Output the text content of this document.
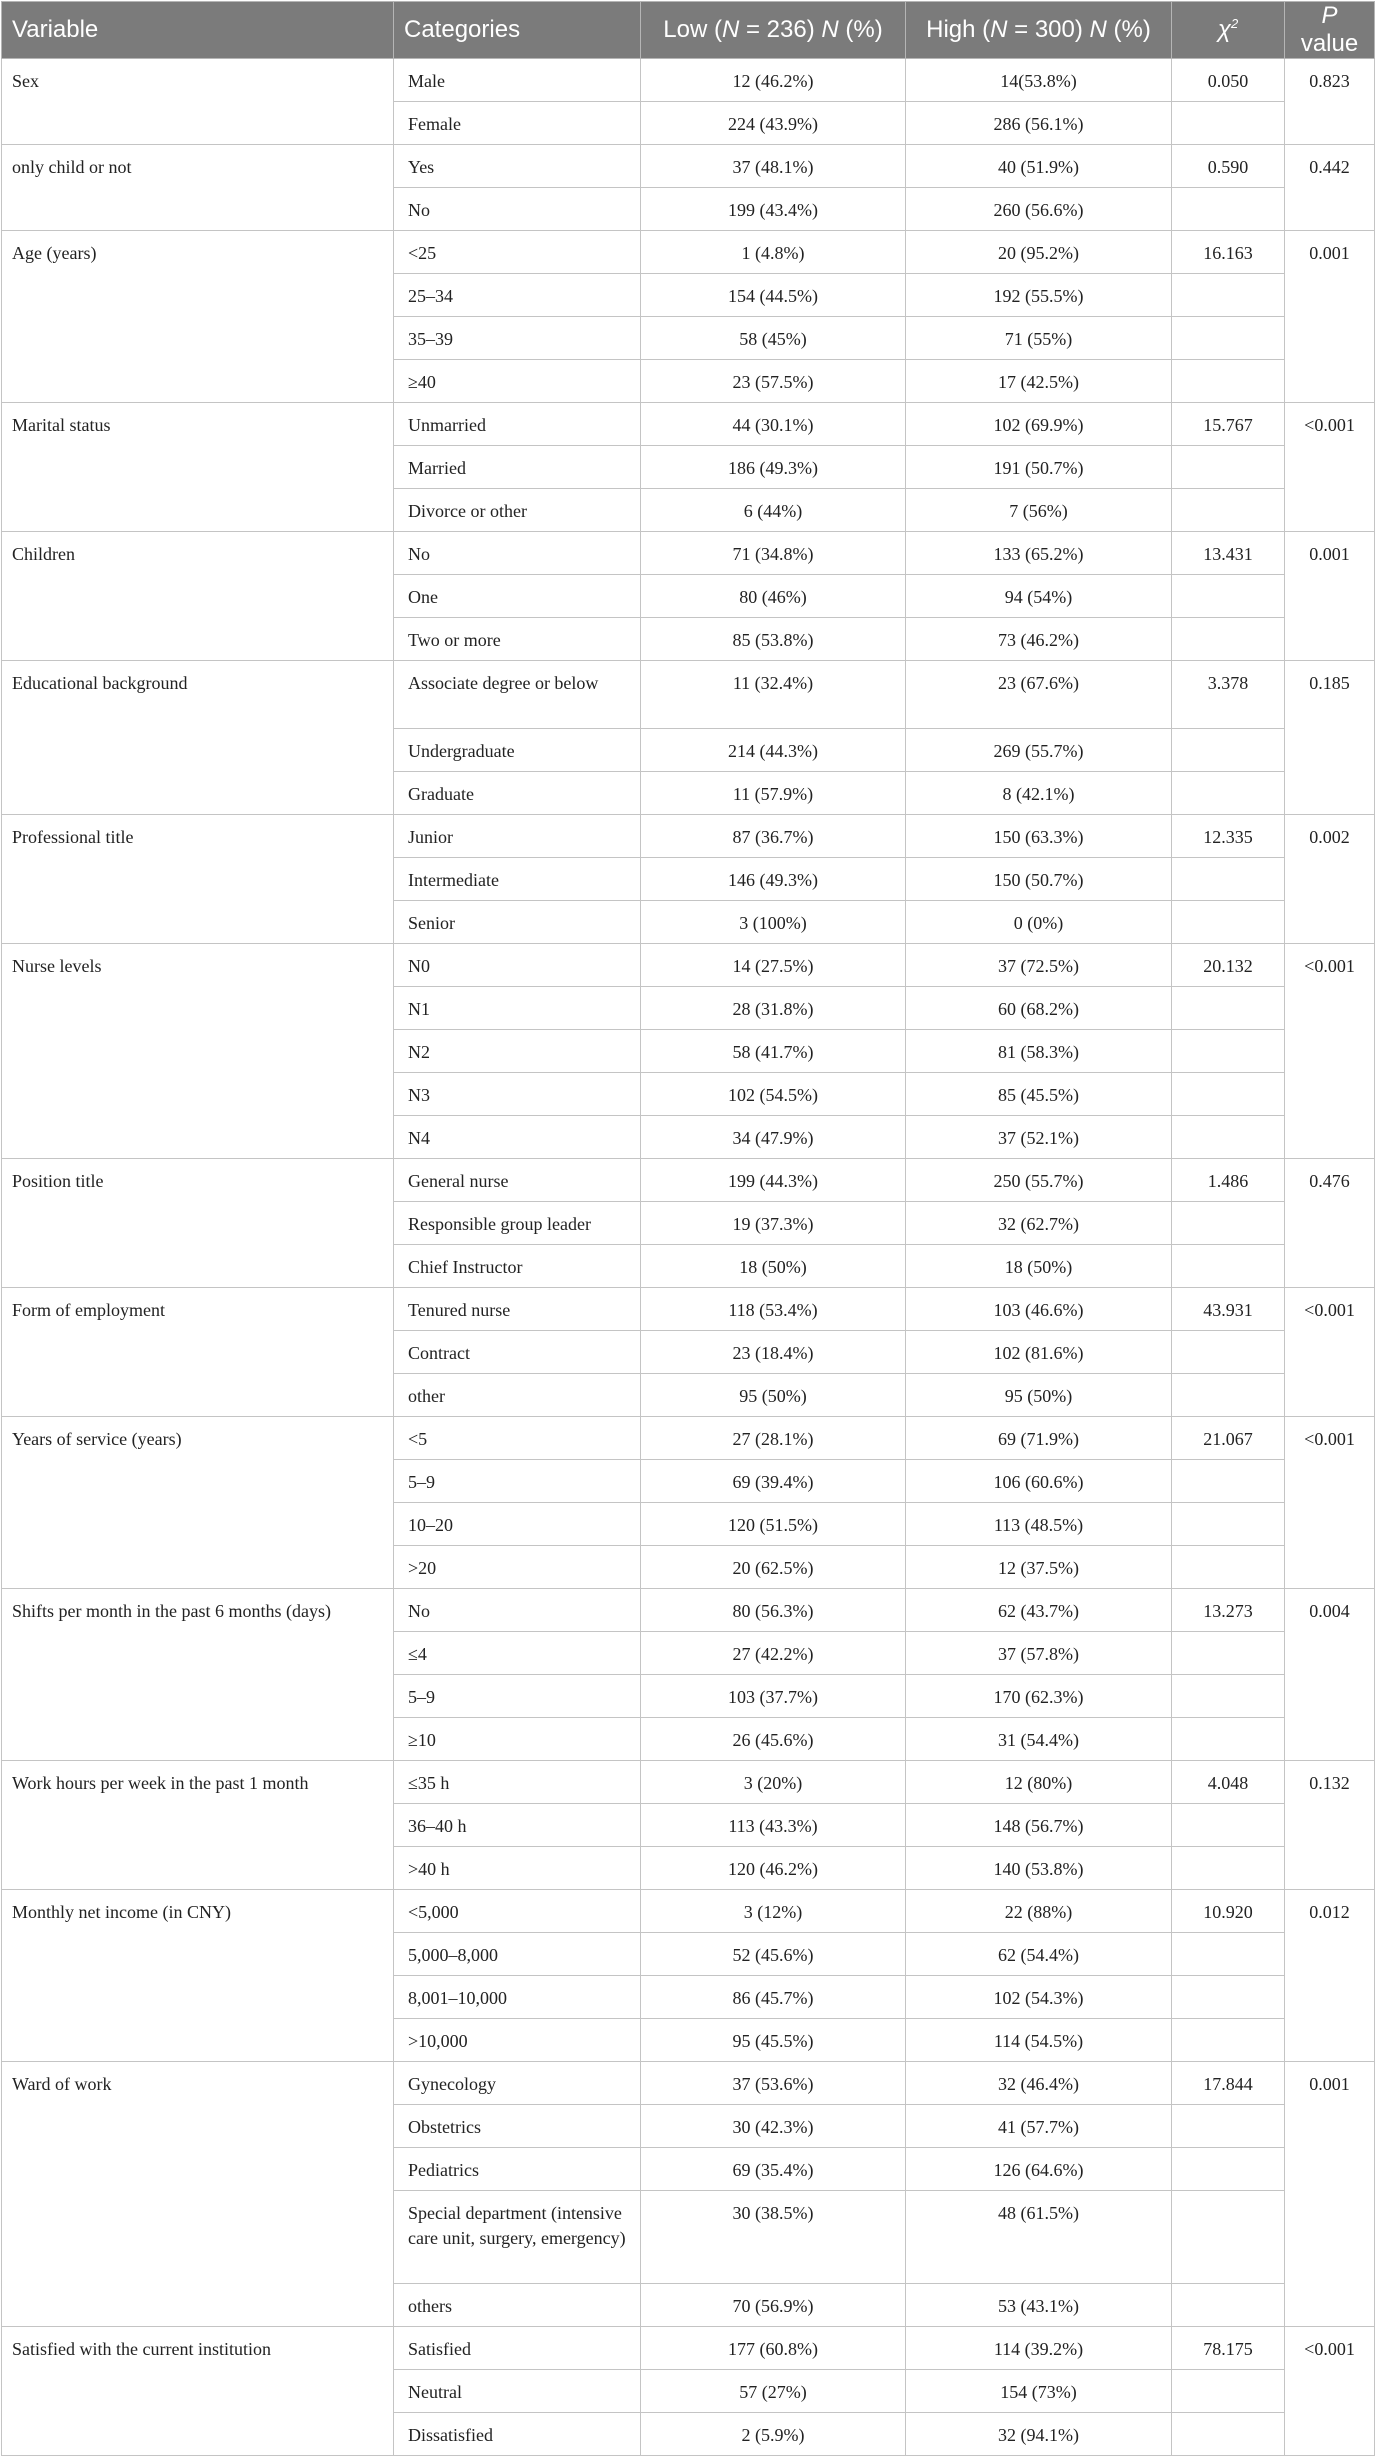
Variable	Categories	Low (N = 236) N (%)	High (N = 300) N (%)	$\chi^2$	P value
Sex	Male	12 (46.2%)	14(53.8%)	0.050	0.823
	Female	224 (43.9%)	286 (56.1%)		
only child or not	Yes	37 (48.1%)	40 (51.9%)	0.590	0.442
	No	199 (43.4%)	260 (56.6%)		
Age (years)	<25	1 (4.8%)	20 (95.2%)	16.163	0.001
	25–34	154 (44.5%)	192 (55.5%)		
	35–39	58 (45%)	71 (55%)		
	≥40	23 (57.5%)	17 (42.5%)		
Marital status	Unmarried	44 (30.1%)	102 (69.9%)	15.767	<0.001
	Married	186 (49.3%)	191 (50.7%)		
	Divorce or other	6 (44%)	7 (56%)		
Children	No	71 (34.8%)	133 (65.2%)	13.431	0.001
	One	80 (46%)	94 (54%)		
	Two or more	85 (53.8%)	73 (46.2%)		
Educational background	Associate degree or below	11 (32.4%)	23 (67.6%)	3.378	0.185
	Undergraduate	214 (44.3%)	269 (55.7%)		
	Graduate	11 (57.9%)	8 (42.1%)		
Professional title	Junior	87 (36.7%)	150 (63.3%)	12.335	0.002
	Intermediate	146 (49.3%)	150 (50.7%)		
	Senior	3 (100%)	0 (0%)		
Nurse levels	N0	14 (27.5%)	37 (72.5%)	20.132	<0.001
	N1	28 (31.8%)	60 (68.2%)		
	N2	58 (41.7%)	81 (58.3%)		
	N3	102 (54.5%)	85 (45.5%)		
	N4	34 (47.9%)	37 (52.1%)		
Position title	General nurse	199 (44.3%)	250 (55.7%)	1.486	0.476
	Responsible group leader	19 (37.3%)	32 (62.7%)		
	Chief Instructor	18 (50%)	18 (50%)		
Form of employment	Tenured nurse	118 (53.4%)	103 (46.6%)	43.931	<0.001
	Contract	23 (18.4%)	102 (81.6%)		
	other	95 (50%)	95 (50%)		
Years of service (years)	<5	27 (28.1%)	69 (71.9%)	21.067	<0.001
	5–9	69 (39.4%)	106 (60.6%)		
	10–20	120 (51.5%)	113 (48.5%)		
	>20	20 (62.5%)	12 (37.5%)		
Shifts per month in the past 6 months (days)	No	80 (56.3%)	62 (43.7%)	13.273	0.004
	≤4	27 (42.2%)	37 (57.8%)		
	5–9	103 (37.7%)	170 (62.3%)		
	≥10	26 (45.6%)	31 (54.4%)		
Work hours per week in the past 1 month	≤35 h	3 (20%)	12 (80%)	4.048	0.132
	36–40 h	113 (43.3%)	148 (56.7%)		
	>40 h	120 (46.2%)	140 (53.8%)		
Monthly net income (in CNY)	<5,000	3 (12%)	22 (88%)	10.920	0.012
	5,000–8,000	52 (45.6%)	62 (54.4%)		
	8,001–10,000	86 (45.7%)	102 (54.3%)		
	>10,000	95 (45.5%)	114 (54.5%)		
Ward of work	Gynecology	37 (53.6%)	32 (46.4%)	17.844	0.001
	Obstetrics	30 (42.3%)	41 (57.7%)		
	Pediatrics	69 (35.4%)	126 (64.6%)		
	Special department (intensive care unit, surgery, emergency)	30 (38.5%)	48 (61.5%)		
	others	70 (56.9%)	53 (43.1%)		
Satisfied with the current institution	Satisfied	177 (60.8%)	114 (39.2%)	78.175	<0.001
	Neutral	57 (27%)	154 (73%)		
	Dissatisfied	2 (5.9%)	32 (94.1%)		
